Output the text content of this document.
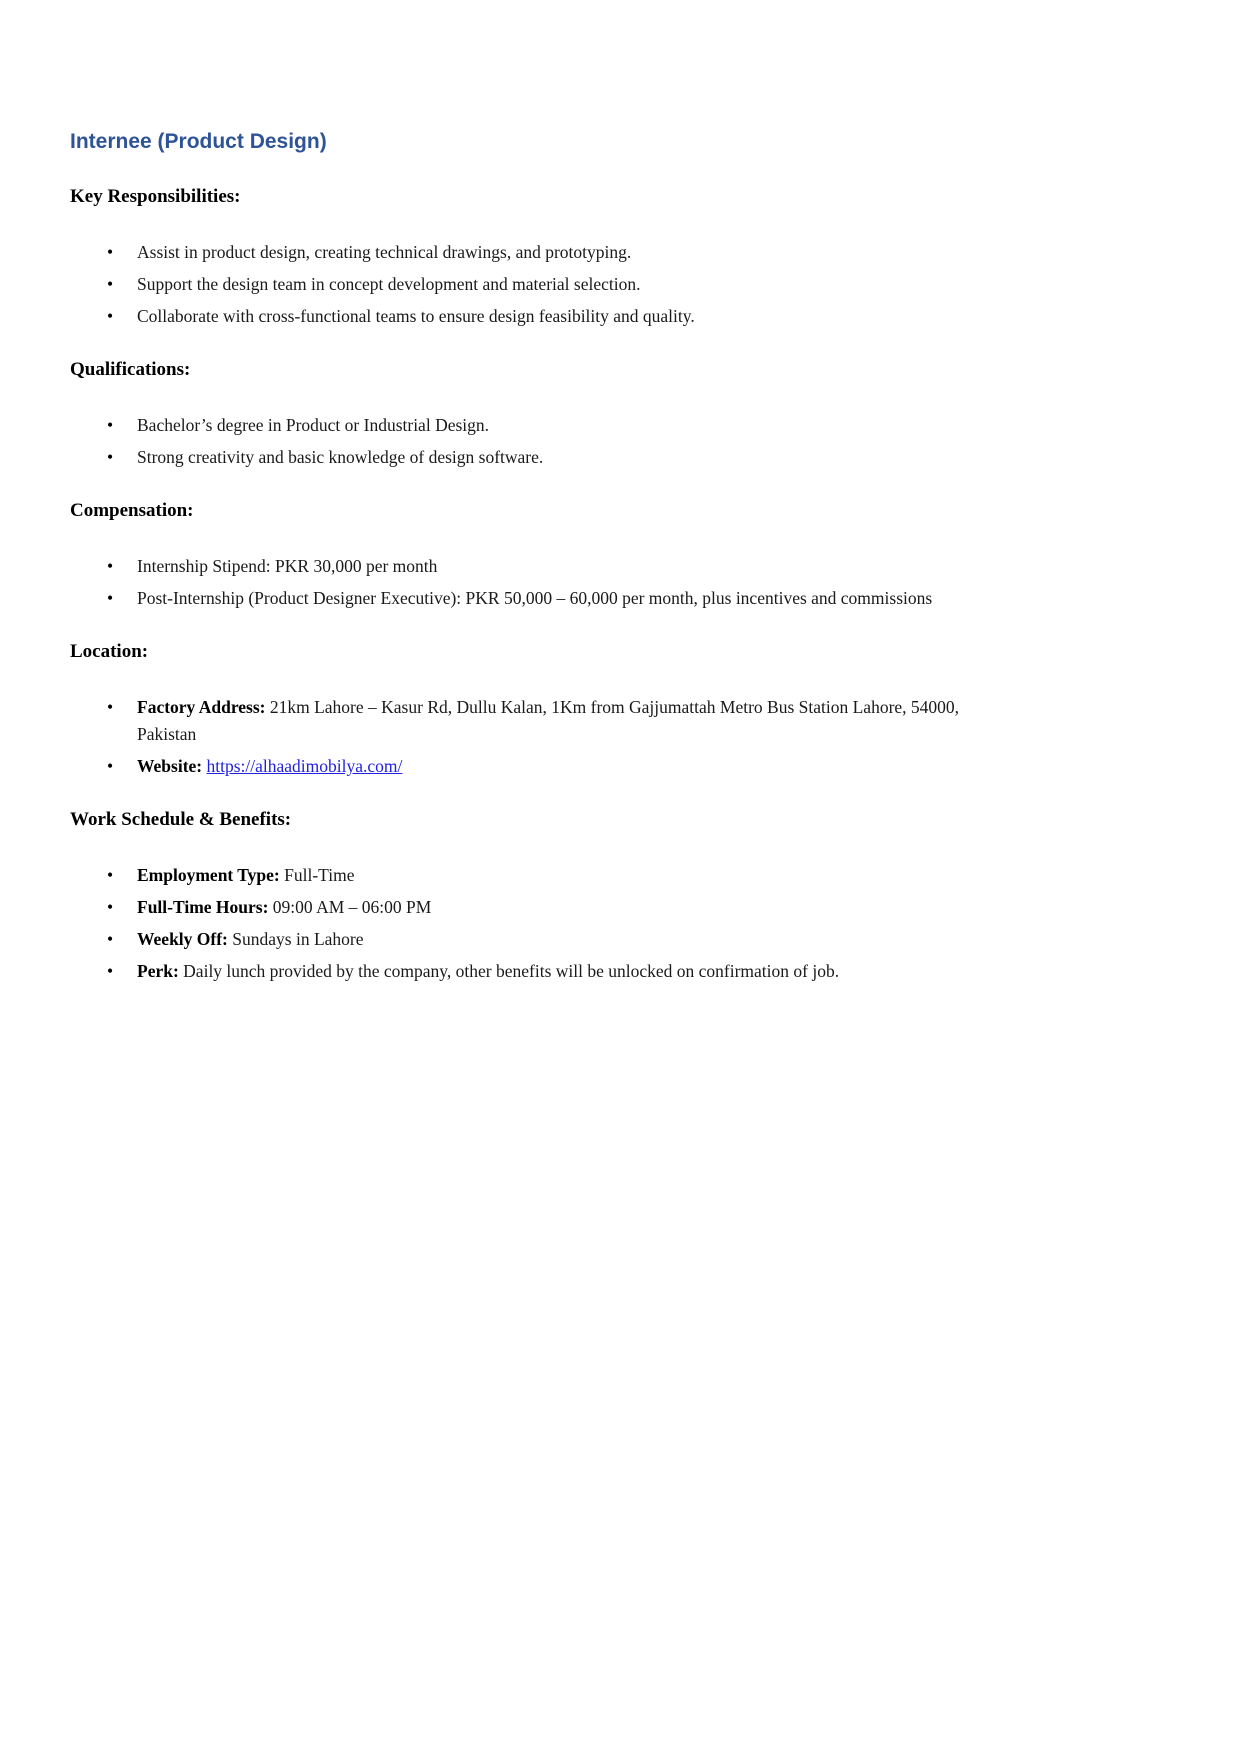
Internee (Product Design)
Key Responsibilities:
• Assist in product design, creating technical drawings, and prototyping.
• Support the design team in concept development and material selection.
• Collaborate with cross-functional teams to ensure design feasibility and quality.
Qualifications:
• Bachelor’s degree in Product or Industrial Design.
• Strong creativity and basic knowledge of design software.
Compensation:
• Internship Stipend: PKR 30,000 per month
• Post-Internship (Product Designer Executive): PKR 50,000 – 60,000 per month, plus incentives and commissions
Location:
• Factory Address: 21km Lahore – Kasur Rd, Dullu Kalan, 1Km from Gajjumattah Metro Bus Station Lahore, 54000, Pakistan
• Website: https://alhaadimobilya.com/
Work Schedule & Benefits:
• Employment Type: Full-Time
• Full-Time Hours: 09:00 AM – 06:00 PM
• Weekly Off: Sundays in Lahore
• Perk: Daily lunch provided by the company, other benefits will be unlocked on confirmation of job.
